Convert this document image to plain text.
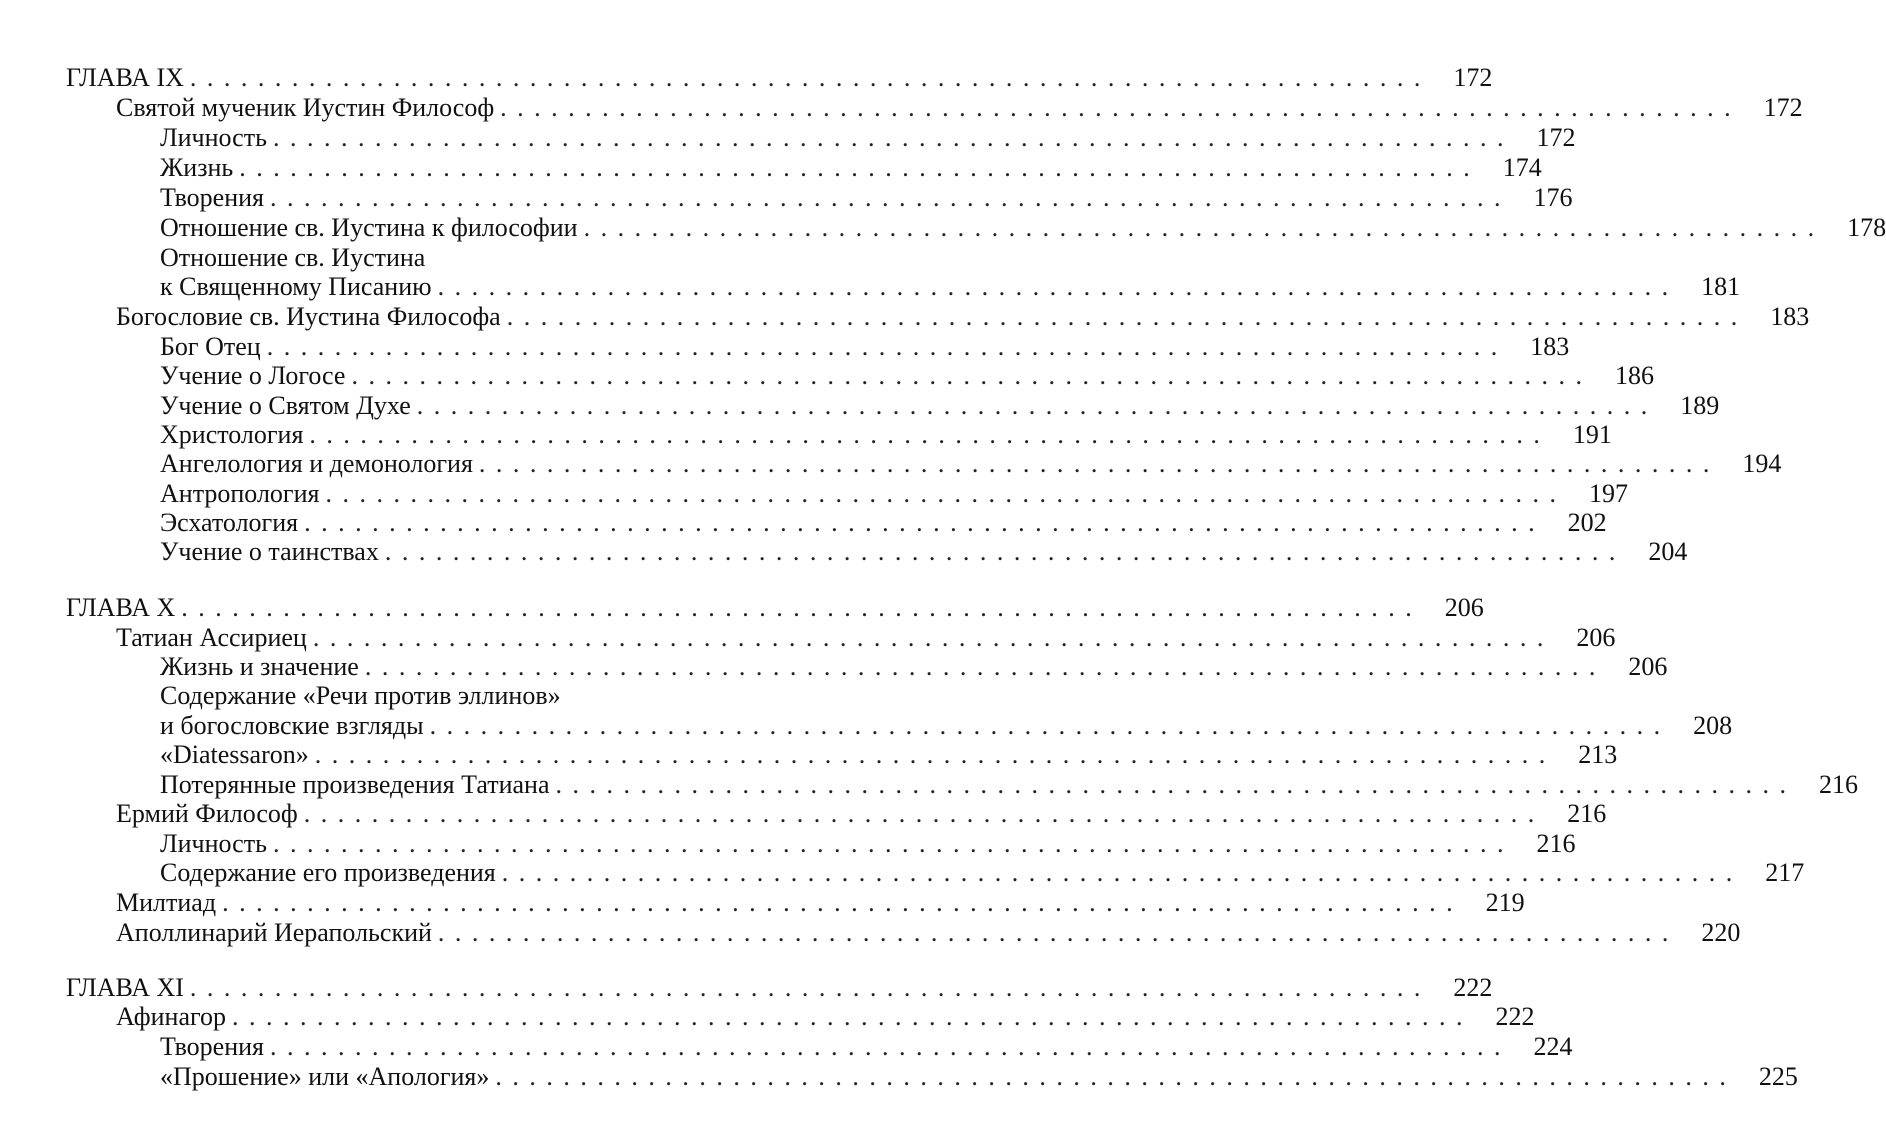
ГЛАВА IX . . . . . . . . . . . . . . . . . . . . . . . . . . . . . . . . . . . . . . . . . . . . . . . . . . . . . . . . . . . . . . . . . . . . . . . . .	172
Святой мученик Иустин Философ . . . . . . . . . . . . . . . . . . . . . . . . . . . . . . . . . . . . . . . . . . . . . . . . . . . . . . . . . . . . . . . . . . . . . . . . .	172
Личность . . . . . . . . . . . . . . . . . . . . . . . . . . . . . . . . . . . . . . . . . . . . . . . . . . . . . . . . . . . . . . . . . . . . . . . . .	172
Жизнь . . . . . . . . . . . . . . . . . . . . . . . . . . . . . . . . . . . . . . . . . . . . . . . . . . . . . . . . . . . . . . . . . . . . . . . . .	174
Творения . . . . . . . . . . . . . . . . . . . . . . . . . . . . . . . . . . . . . . . . . . . . . . . . . . . . . . . . . . . . . . . . . . . . . . . . .	176
Отношение св. Иустина к философии . . . . . . . . . . . . . . . . . . . . . . . . . . . . . . . . . . . . . . . . . . . . . . . . . . . . . . . . . . . . . . . . . . . . . . . . .	178
Отношение св. Иустина
к Священному Писанию . . . . . . . . . . . . . . . . . . . . . . . . . . . . . . . . . . . . . . . . . . . . . . . . . . . . . . . . . . . . . . . . . . . . . . . . .	181
Богословие св. Иустина Философа . . . . . . . . . . . . . . . . . . . . . . . . . . . . . . . . . . . . . . . . . . . . . . . . . . . . . . . . . . . . . . . . . . . . . . . . .	183
Бог Отец . . . . . . . . . . . . . . . . . . . . . . . . . . . . . . . . . . . . . . . . . . . . . . . . . . . . . . . . . . . . . . . . . . . . . . . . .	183
Учение о Логосе . . . . . . . . . . . . . . . . . . . . . . . . . . . . . . . . . . . . . . . . . . . . . . . . . . . . . . . . . . . . . . . . . . . . . . . . .	186
Учение о Святом Духе . . . . . . . . . . . . . . . . . . . . . . . . . . . . . . . . . . . . . . . . . . . . . . . . . . . . . . . . . . . . . . . . . . . . . . . . .	189
Христология . . . . . . . . . . . . . . . . . . . . . . . . . . . . . . . . . . . . . . . . . . . . . . . . . . . . . . . . . . . . . . . . . . . . . . . . .	191
Ангелология и демонология . . . . . . . . . . . . . . . . . . . . . . . . . . . . . . . . . . . . . . . . . . . . . . . . . . . . . . . . . . . . . . . . . . . . . . . . .	194
Антропология . . . . . . . . . . . . . . . . . . . . . . . . . . . . . . . . . . . . . . . . . . . . . . . . . . . . . . . . . . . . . . . . . . . . . . . . .	197
Эсхатология . . . . . . . . . . . . . . . . . . . . . . . . . . . . . . . . . . . . . . . . . . . . . . . . . . . . . . . . . . . . . . . . . . . . . . . . .	202
Учение о таинствах . . . . . . . . . . . . . . . . . . . . . . . . . . . . . . . . . . . . . . . . . . . . . . . . . . . . . . . . . . . . . . . . . . . . . . . . .	204
ГЛАВА X . . . . . . . . . . . . . . . . . . . . . . . . . . . . . . . . . . . . . . . . . . . . . . . . . . . . . . . . . . . . . . . . . . . . . . . . .	206
Татиан Ассириец . . . . . . . . . . . . . . . . . . . . . . . . . . . . . . . . . . . . . . . . . . . . . . . . . . . . . . . . . . . . . . . . . . . . . . . . .	206
Жизнь и значение . . . . . . . . . . . . . . . . . . . . . . . . . . . . . . . . . . . . . . . . . . . . . . . . . . . . . . . . . . . . . . . . . . . . . . . . .	206
Содержание «Речи против эллинов»
и богословские взгляды . . . . . . . . . . . . . . . . . . . . . . . . . . . . . . . . . . . . . . . . . . . . . . . . . . . . . . . . . . . . . . . . . . . . . . . . .	208
«Diatessaron» . . . . . . . . . . . . . . . . . . . . . . . . . . . . . . . . . . . . . . . . . . . . . . . . . . . . . . . . . . . . . . . . . . . . . . . . .	213
Потерянные произведения Татиана . . . . . . . . . . . . . . . . . . . . . . . . . . . . . . . . . . . . . . . . . . . . . . . . . . . . . . . . . . . . . . . . . . . . . . . . .	216
Ермий Философ . . . . . . . . . . . . . . . . . . . . . . . . . . . . . . . . . . . . . . . . . . . . . . . . . . . . . . . . . . . . . . . . . . . . . . . . .	216
Личность . . . . . . . . . . . . . . . . . . . . . . . . . . . . . . . . . . . . . . . . . . . . . . . . . . . . . . . . . . . . . . . . . . . . . . . . .	216
Содержание его произведения . . . . . . . . . . . . . . . . . . . . . . . . . . . . . . . . . . . . . . . . . . . . . . . . . . . . . . . . . . . . . . . . . . . . . . . . .	217
Милтиад . . . . . . . . . . . . . . . . . . . . . . . . . . . . . . . . . . . . . . . . . . . . . . . . . . . . . . . . . . . . . . . . . . . . . . . . .	219
Аполлинарий Иерапольский . . . . . . . . . . . . . . . . . . . . . . . . . . . . . . . . . . . . . . . . . . . . . . . . . . . . . . . . . . . . . . . . . . . . . . . . .	220
ГЛАВА XI . . . . . . . . . . . . . . . . . . . . . . . . . . . . . . . . . . . . . . . . . . . . . . . . . . . . . . . . . . . . . . . . . . . . . . . . .	222
Афинагор . . . . . . . . . . . . . . . . . . . . . . . . . . . . . . . . . . . . . . . . . . . . . . . . . . . . . . . . . . . . . . . . . . . . . . . . .	222
Творения . . . . . . . . . . . . . . . . . . . . . . . . . . . . . . . . . . . . . . . . . . . . . . . . . . . . . . . . . . . . . . . . . . . . . . . . .	224
«Прошение» или «Апология» . . . . . . . . . . . . . . . . . . . . . . . . . . . . . . . . . . . . . . . . . . . . . . . . . . . . . . . . . . . . . . . . . . . . . . . . .	225
